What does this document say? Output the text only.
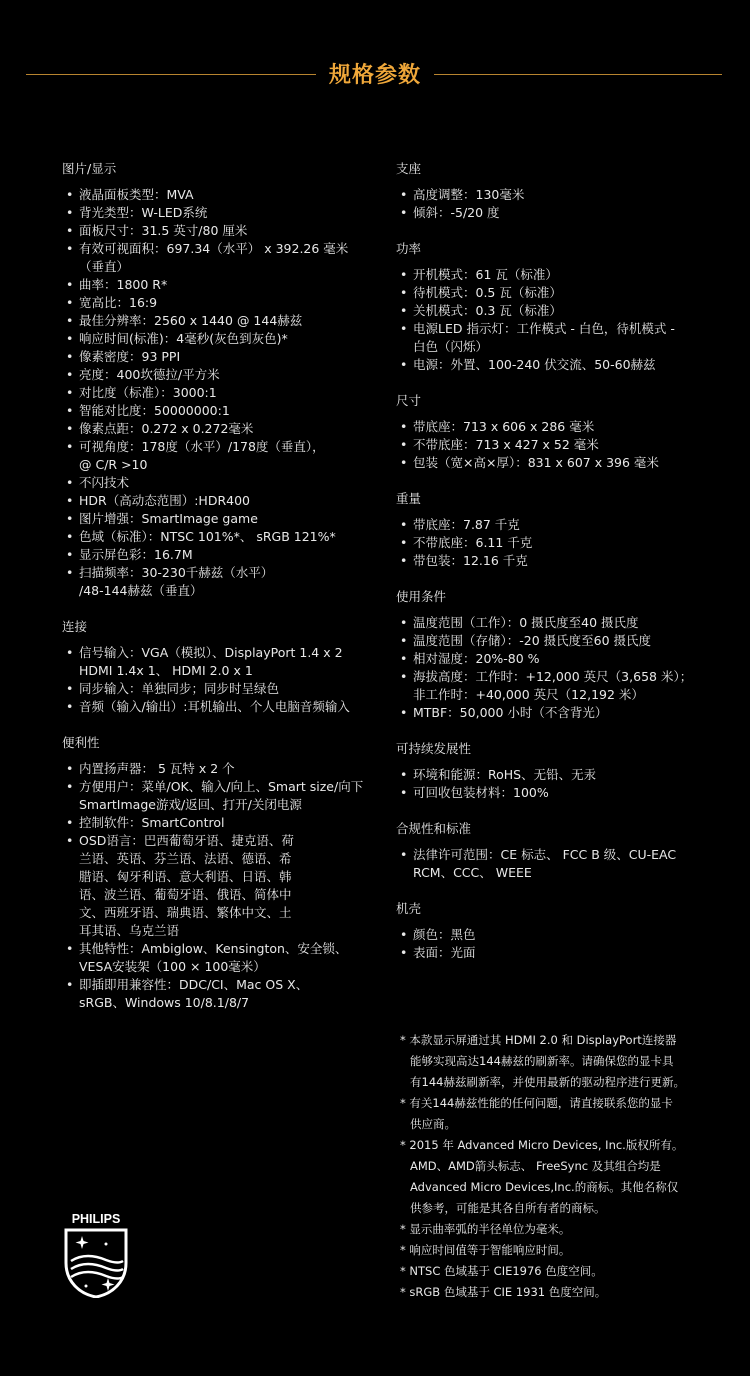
规格参数
图片/显示
• 液晶面板类型：MVA
• 背光类型：W-LED系统
• 面板尺寸：31.5 英寸/80 厘米
• 有效可视面积：697.34（水平） x 392.26 毫米
（垂直）
• 曲率：1800 R*
• 宽高比：16:9
• 最佳分辨率：2560 x 1440 @ 144赫兹
• 响应时间(标准)：4毫秒(灰色到灰色)*
• 像素密度：93 PPI
• 亮度：400坎德拉/平方米
• 对比度（标准）：3000:1
• 智能对比度：50000000:1
• 像素点距：0.272 x 0.272毫米
• 可视角度：178度（水平）/178度（垂直），
@ C/R >10
• 不闪技术
• HDR（高动态范围）:HDR400
• 图片增强：SmartImage game
• 色域（标准）：NTSC 101%*、 sRGB 121%*
• 显示屏色彩：16.7M
• 扫描频率：30-230千赫兹（水平）
/48-144赫兹（垂直）
连接
• 信号输入：VGA（模拟）、DisplayPort 1.4 x 2
HDMI 1.4x 1、 HDMI 2.0 x 1
• 同步输入：单独同步；同步时呈绿色
• 音频（输入/输出）:耳机输出、个人电脑音频输入
便利性
• 内置扬声器： 5 瓦特 x 2 个
• 方便用户：菜单/OK、输入/向上、Smart size/向下
SmartImage游戏/返回、打开/关闭电源
• 控制软件：SmartControl
• OSD语言：巴西葡萄牙语、捷克语、荷
兰语、英语、芬兰语、法语、德语、希
腊语、匈牙利语、意大利语、日语、韩
语、波兰语、葡萄牙语、俄语、简体中
文、西班牙语、瑞典语、繁体中文、土
耳其语、乌克兰语
• 其他特性：Ambiglow、Kensington、安全锁、
VESA安装架（100 × 100毫米）
• 即插即用兼容性：DDC/CI、Mac OS X、
sRGB、Windows 10/8.1/8/7
支座
• 高度调整：130毫米
• 倾斜：-5/20 度
功率
• 开机模式：61 瓦（标准）
• 待机模式：0.5 瓦（标准）
• 关机模式：0.3 瓦（标准）
• 电源LED 指示灯：工作模式 - 白色，待机模式 -
白色（闪烁）
• 电源：外置、100-240 伏交流、50-60赫兹
尺寸
• 带底座：713 x 606 x 286 毫米
• 不带底座：713 x 427 x 52 毫米
• 包装（宽×高×厚）：831 x 607 x 396 毫米
重量
• 带底座：7.87 千克
• 不带底座：6.11 千克
• 带包装：12.16 千克
使用条件
• 温度范围（工作）：0 摄氏度至40 摄氏度
• 温度范围（存储）：-20 摄氏度至60 摄氏度
• 相对湿度：20%-80 %
• 海拔高度：工作时：+12,000 英尺（3,658 米）；
非工作时：+40,000 英尺（12,192 米）
• MTBF：50,000 小时（不含背光）
可持续发展性
• 环境和能源：RoHS、无铅、无汞
• 可回收包装材料：100%
合规性和标准
• 法律许可范围：CE 标志、 FCC B 级、CU-EAC
RCM、CCC、 WEEE
机壳
• 颜色：黑色
• 表面：光面

* 本款显示屏通过其 HDMI 2.0 和 DisplayPort连接器
能够实现高达144赫兹的刷新率。请确保您的显卡具
有144赫兹刷新率，并使用最新的驱动程序进行更新。

* 有关144赫兹性能的任何问题，请直接联系您的显卡
供应商。

* 2015 年 Advanced Micro Devices, Inc.版权所有。
AMD、AMD箭头标志、 FreeSync 及其组合均是
Advanced Micro Devices,Inc.的商标。其他名称仅
供参考，可能是其各自所有者的商标。

* 显示曲率弧的半径单位为毫米。

* 响应时间值等于智能响应时间。

* NTSC 色域基于 CIE1976 色度空间。

* sRGB 色域基于 CIE 1931 色度空间。

PHILIPS
